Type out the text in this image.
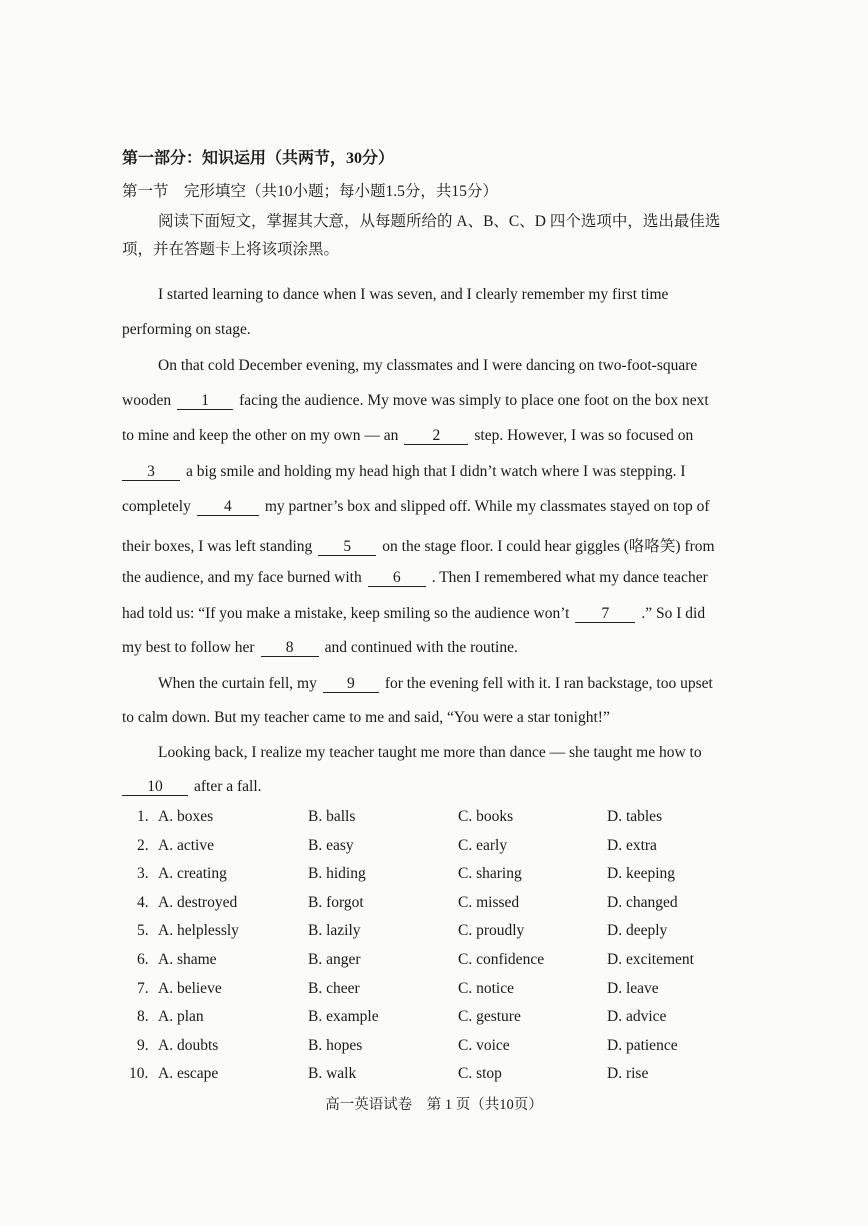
第一部分：知识运用（共两节，30分）
第一节　完形填空（共10小题；每小题1.5分，共15分）
阅读下面短文，掌握其大意，从每题所给的 A、B、C、D 四个选项中，选出最佳选
项，并在答题卡上将该项涂黑。
I started learning to dance when I was seven, and I clearly remember my first time
performing on stage.
On that cold December evening, my classmates and I were dancing on two-foot-square
wooden 1 facing the audience. My move was simply to place one foot on the box next
to mine and keep the other on my own — an 2 step. However, I was so focused on
3 a big smile and holding my head high that I didn’t watch where I was stepping. I
completely 4 my partner’s box and slipped off. While my classmates stayed on top of
their boxes, I was left standing 5 on the stage floor. I could hear giggles (咯咯笑) from
the audience, and my face burned with 6 . Then I remembered what my dance teacher
had told us: “If you make a mistake, keep smiling so the audience won’t 7 .” So I did
my best to follow her 8 and continued with the routine.
When the curtain fell, my 9 for the evening fell with it. I ran backstage, too upset
to calm down. But my teacher came to me and said, “You were a star tonight!”
Looking back, I realize my teacher taught me more than dance — she taught me how to
10 after a fall.
1. A. boxes	B. balls	C. books	D. tables
2. A. active	B. easy	C. early	D. extra
3. A. creating	B. hiding	C. sharing	D. keeping
4. A. destroyed	B. forgot	C. missed	D. changed
5. A. helplessly	B. lazily	C. proudly	D. deeply
6. A. shame	B. anger	C. confidence	D. excitement
7. A. believe	B. cheer	C. notice	D. leave
8. A. plan	B. example	C. gesture	D. advice
9. A. doubts	B. hopes	C. voice	D. patience
10. A. escape	B. walk	C. stop	D. rise
高一英语试卷　第 1 页（共10页）
